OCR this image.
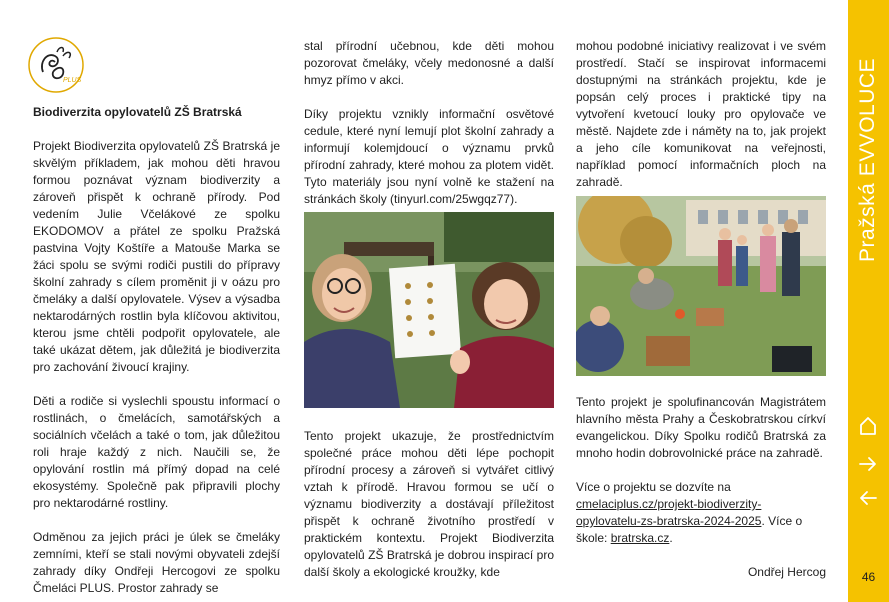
PLUS

Biodiverzita opylovatelů ZŠ Bratrská

Projekt Biodiverzita opylovatelů ZŠ Bratrská je skvělým příkladem, jak mohou děti hravou formou poznávat význam biodiverzity a zároveň přispět k ochraně přírody. Pod vedením Julie Včelákové ze spolku EKODOMOV a přátel ze spolku Pražská pastvina Vojty Koštíře a Matouše Marka se žáci spolu se svými rodiči pustili do přípravy školní zahrady s cílem proměnit ji v oázu pro čmeláky a další opylovatele. Výsev a výsadba nektarodárných rostlin byla klíčovou aktivitou, kterou jsme chtěli podpořit opylovatele, ale také ukázat dětem, jak důležitá je biodiverzita pro zachování živoucí krajiny.

Děti a rodiče si vyslechli spoustu informací o rostlinách, o čmelácích, samotářských a sociálních včelách a také o tom, jak důležitou roli hraje každý z nich. Naučili se, že opylování rostlin má přímý dopad na celé ekosystémy. Společně pak připravili plochy pro nektarodárné rostliny.

Odměnou za jejich práci je úlek se čmeláky zemními, kteří se stali novými obyvateli zdejší zahrady díky Ondřeji Hercogovi ze spolku Čmeláci PLUS. Prostor zahrady se

stal přírodní učebnou, kde děti mohou pozorovat čmeláky, včely medonosné a další hmyz přímo v akci.

Díky projektu vznikly informační osvětové cedule, které nyní lemují plot školní zahrady a informují kolemjdoucí o významu prvků přírodní zahrady, které mohou za plotem vidět. Tyto materiály jsou nyní volně ke stažení na stránkách školy (tinyurl.com/25wgqz77).

Tento projekt ukazuje, že prostřednictvím společné práce mohou děti lépe pochopit přírodní procesy a zároveň si vytvářet citlivý vztah k přírodě. Hravou formou se učí o významu biodiverzity a dostávají příležitost přispět k ochraně životního prostředí v praktickém kontextu. Projekt Biodiverzita opylovatelů ZŠ Bratrská je dobrou inspirací pro další školy a ekologické kroužky, kde

mohou podobné iniciativy realizovat i ve svém prostředí. Stačí se inspirovat informacemi dostupnými na stránkách projektu, kde je popsán celý proces i praktické tipy na vytvoření kvetoucí louky pro opylovače ve městě. Najdete zde i náměty na to, jak projekt a jeho cíle komunikovat na veřejnosti, například pomocí informačních ploch na zahradě.

Tento projekt je spolufinancován Magistrátem hlavního města Prahy a Českobratrskou církví evangelickou. Díky Spolku rodičů Bratrská za mnoho hodin dobrovolnické práce na zahradě.

Více o projektu se dozvíte na cmelaciplus.cz/projekt-biodiverzity-opylovatelu-zs-bratrska-2024-2025. Více o škole: bratrska.cz.

Ondřej Hercog

Pražská EVVOLUCE
46
